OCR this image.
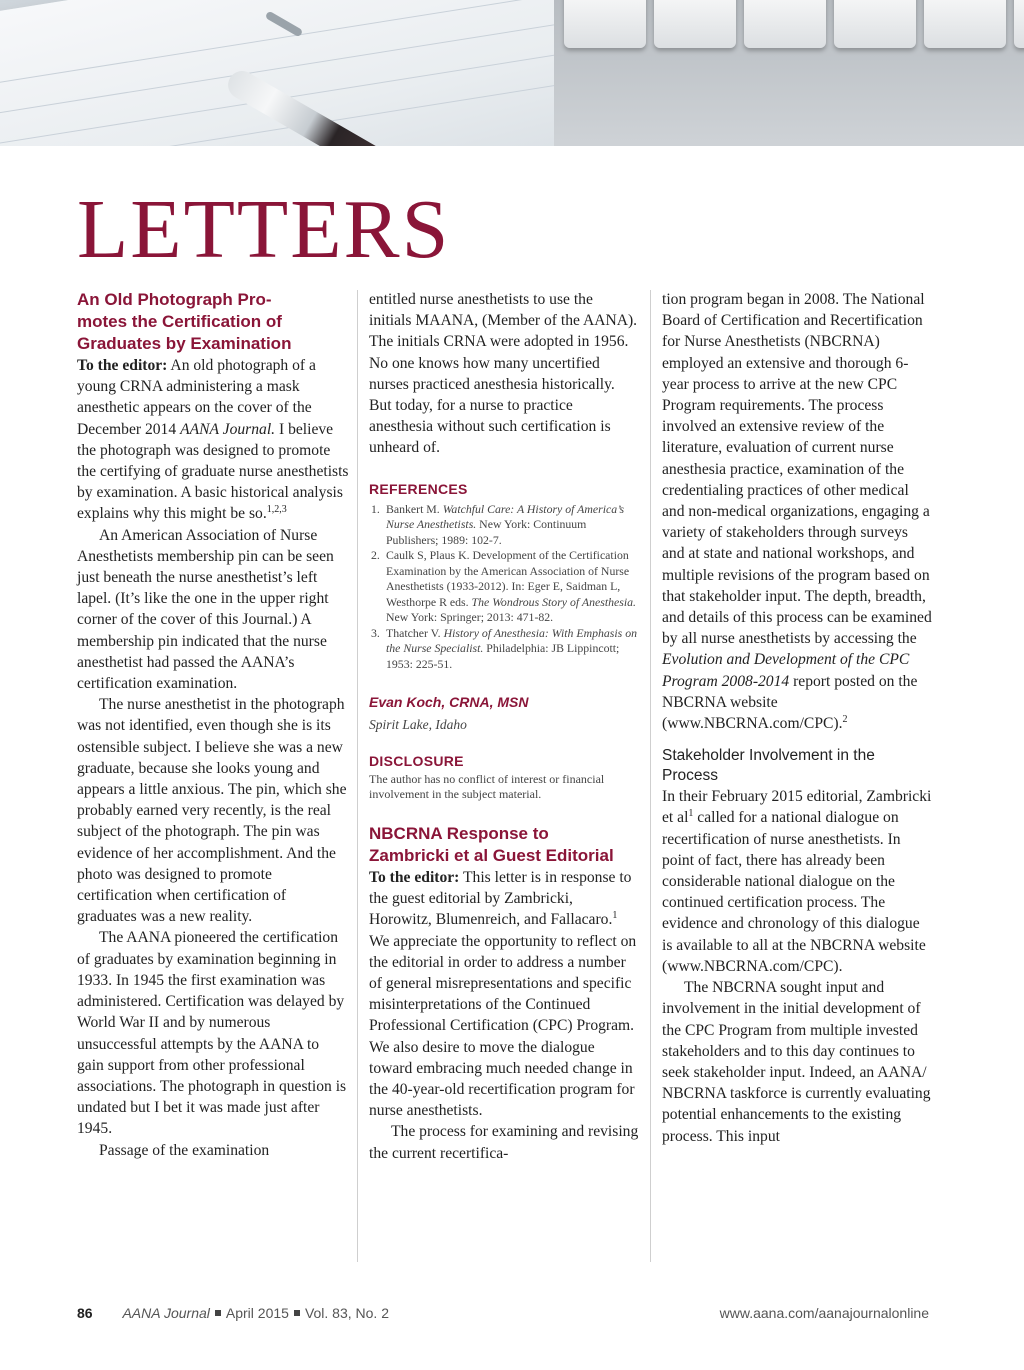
LETTERS
An Old Photograph Pro-
motes the Certification of
Graduates by Examination

To the editor: An old photograph of a young CRNA administering a mask anesthetic appears on the cover of the December 2014 AANA Journal. I believe the photograph was designed to promote the certifying of graduate nurse anesthetists by examination. A basic historical analysis explains why this might be so.$^{1,2,3}$

An American Association of Nurse Anesthetists membership pin can be seen just beneath the nurse anesthetist’s left lapel. (It’s like the one in the upper right corner of the cover of this Journal.) A membership pin indicated that the nurse anesthetist had passed the AANA’s certification examination.

The nurse anesthetist in the photograph was not identified, even though she is its ostensible subject. I believe she was a new graduate, because she looks young and appears a little anxious. The pin, which she probably earned very recently, is the real subject of the photograph. The pin was evidence of her accomplishment. And the photo was designed to promote certification when certification of graduates was a new reality.

The AANA pioneered the certification of graduates by examination beginning in 1933. In 1945 the first examination was administered. Certification was delayed by World War II and by numerous unsuccessful attempts by the AANA to gain support from other professional associations. The photograph in question is undated but I bet it was made just after 1945.

Passage of the examination

entitled nurse anesthetists to use the initials MAANA, (Member of the AANA). The initials CRNA were adopted in 1956. No one knows how many uncertified nurses practiced anesthesia historically. But today, for a nurse to practice anesthesia without such certification is unheard of.

REFERENCES
1. Bankert M. Watchful Care: A History of America’s Nurse Anesthetists. New York: Continuum Publishers; 1989: 102-7.
2. Caulk S, Plaus K. Development of the Certification Examination by the American Association of Nurse Anesthetists (1933-2012). In: Eger E, Saidman L, Westhorpe R eds. The Wondrous Story of Anesthesia. New York: Springer; 2013: 471-82.
3. Thatcher V. History of Anesthesia: With Emphasis on the Nurse Specialist. Philadelphia: JB Lippincott; 1953: 225-51.
Evan Koch, CRNA, MSN
Spirit Lake, Idaho
DISCLOSURE

The author has no conflict of interest or financial involvement in the subject material.

NBCRNA Response to
Zambricki et al Guest Editorial

To the editor: This letter is in response to the guest editorial by Zambricki, Horowitz, Blumenreich, and Fallacaro.$^1$ We appreciate the opportunity to reflect on the editorial in order to address a number of general misrepresentations and specific misinterpretations of the Continued Professional Certification (CPC) Program. We also desire to move the dialogue toward embracing much needed change in the 40-year-old recertification program for nurse anesthetists.

The process for examining and revising the current recertifica-

tion program began in 2008. The National Board of Certification and Recertification for Nurse Anesthetists (NBCRNA) employed an extensive and thorough 6-year process to arrive at the new CPC Program requirements. The process involved an extensive review of the literature, evaluation of current nurse anesthesia practice, examination of the credentialing practices of other medical and non-medical organizations, engaging a variety of stakeholders through surveys and at state and national workshops, and multiple revisions of the program based on that stakeholder input. The depth, breadth, and details of this process can be examined by all nurse anesthetists by accessing the Evolution and Development of the CPC Program 2008-2014 report posted on the NBCRNA website (www.NBCRNA.com/CPC).$^2$

Stakeholder Involvement in the
Process

In their February 2015 editorial, Zambricki et $al^1$ called for a national dialogue on recertification of nurse anesthetists. In point of fact, there has already been considerable national dialogue on the continued certification process. The evidence and chronology of this dialogue is available to all at the NBCRNA website (www.NBCRNA.com/CPC).

The NBCRNA sought input and involvement in the initial development of the CPC Program from multiple invested stakeholders and to this day continues to seek stakeholder input. Indeed, an AANA/ NBCRNA taskforce is currently evaluating potential enhancements to the existing process. This input

86 AANA Journal April 2015 Vol. 83, No. 2	www.aana.com/aanajournalonline
